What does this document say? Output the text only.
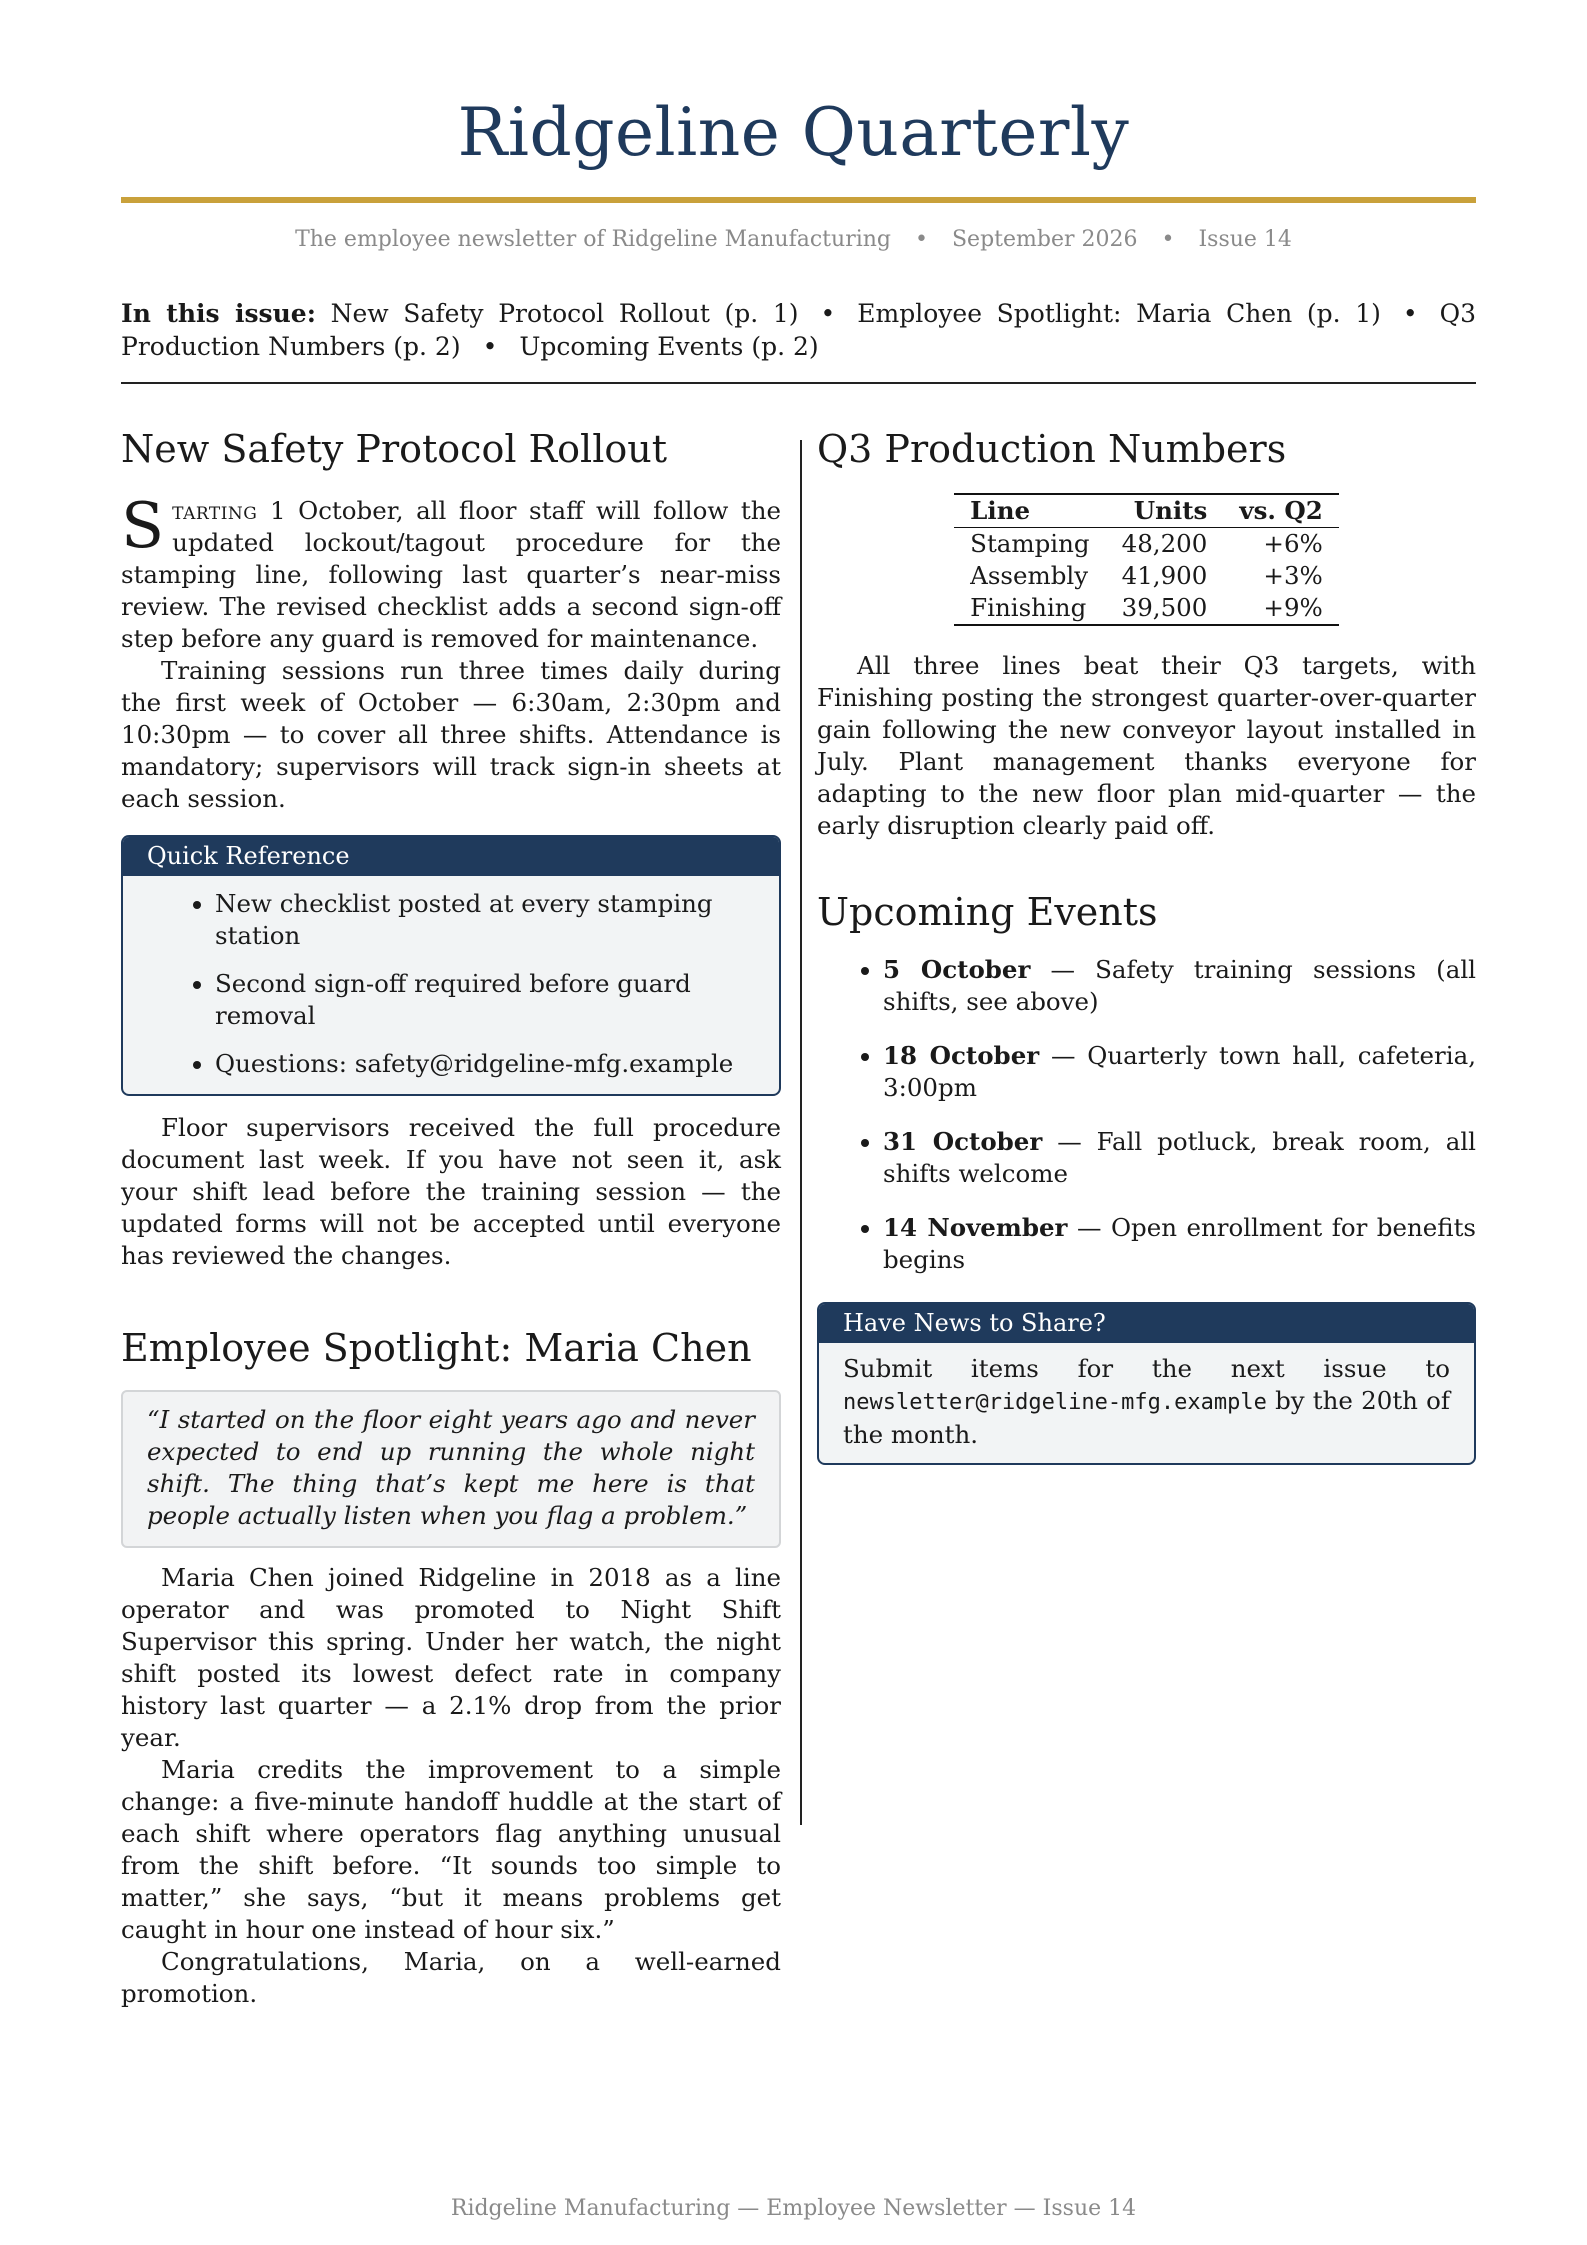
Ridgeline Quarterly
The employee newsletter of Ridgeline Manufacturing • September 2026 • Issue 14
In this issue: New Safety Protocol Rollout (p. 1) • Employee Spotlight: Maria Chen (p. 1) • Q3 Production Numbers (p. 2) • Upcoming Events (p. 2)
New Safety Protocol Rollout

Starting 1 October, all floor staff will follow the updated lockout/tagout procedure for the stamping line, following last quarter’s near-miss review. The revised checklist adds a second sign-off step before any guard is removed for maintenance.

Training sessions run three times daily during the first week of October — 6:30am, 2:30pm and 10:30pm — to cover all three shifts. Attendance is mandatory; supervisors will track sign-in sheets at each session.

Quick Reference
• New checklist posted at every stamping station
• Second sign-off required before guard removal
• Questions: safety@ridgeline-mfg.example

Floor supervisors received the full procedure document last week. If you have not seen it, ask your shift lead before the training session — the updated forms will not be accepted until everyone has reviewed the changes.

Employee Spotlight: Maria Chen

“I started on the floor eight years ago and never expected to end up running the whole night shift. The thing that’s kept me here is that people actually listen when you flag a problem.”

Maria Chen joined Ridgeline in 2018 as a line operator and was promoted to Night Shift Supervisor this spring. Under her watch, the night shift posted its lowest defect rate in company history last quarter — a 2.1% drop from the prior year.

Maria credits the improvement to a simple change: a five-minute handoff huddle at the start of each shift where operators flag anything unusual from the shift before. “It sounds too simple to matter,” she says, “but it means problems get caught in hour one instead of hour six.”

Congratulations, Maria, on a well-earned promotion.

Q3 Production Numbers
Line	Units	vs. Q2
Stamping	48,200	+6%
Assembly	41,900	+3%
Finishing	39,500	+9%

All three lines beat their Q3 targets, with Finishing posting the strongest quarter-over-quarter gain following the new conveyor layout installed in July. Plant management thanks everyone for adapting to the new floor plan mid-quarter — the early disruption clearly paid off.

Upcoming Events
• 5 October — Safety training sessions (all shifts, see above)
• 18 October — Quarterly town hall, cafeteria, 3:00pm
• 31 October — Fall potluck, break room, all shifts welcome
• 14 November — Open enrollment for benefits begins
Have News to Share?
Submit items for the next issue to newsletter@ridgeline-mfg.example by the 20th of the month.
Ridgeline Manufacturing — Employee Newsletter — Issue 14
